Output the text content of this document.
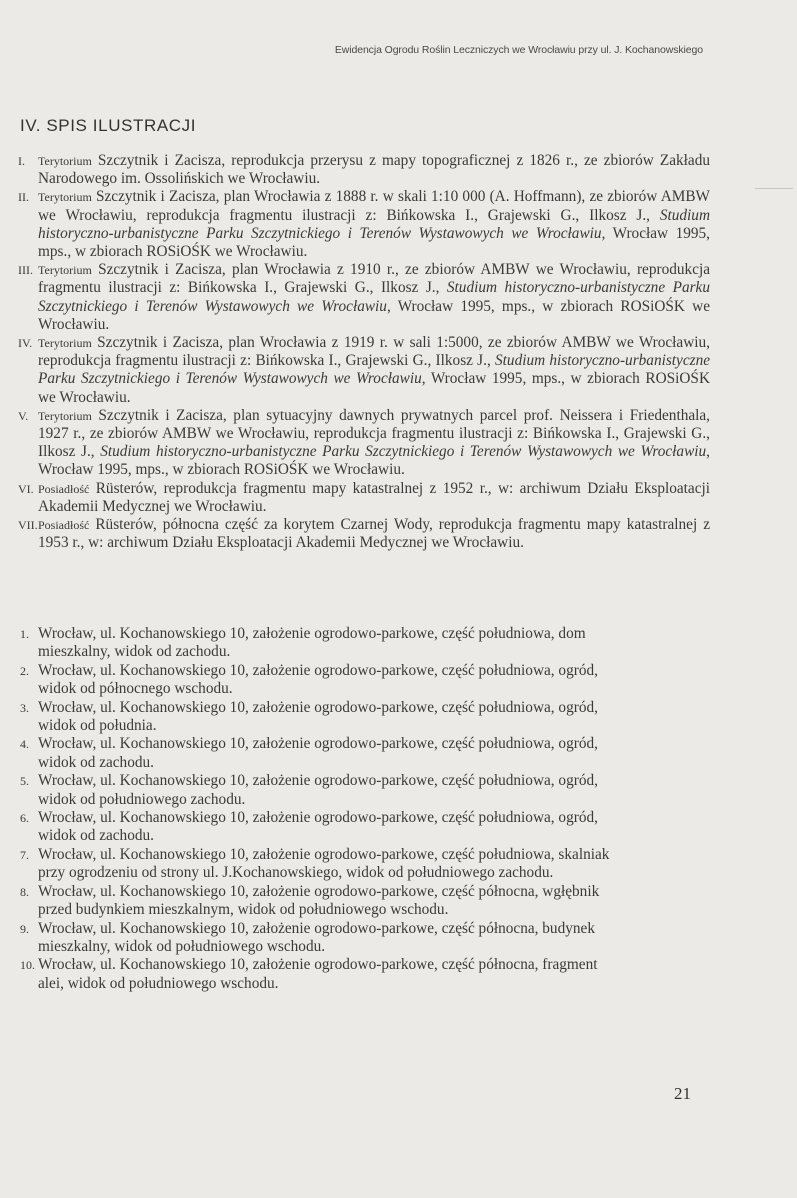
Ewidencja Ogrodu Roślin Leczniczych we Wrocławiu przy ul. J. Kochanowskiego
IV. SPIS ILUSTRACJI
I. Terytorium Szczytnik i Zacisza, reprodukcja przerysu z mapy topograficznej z 1826 r., ze zbiorów Zakładu Narodowego im. Ossolińskich we Wrocławiu.
II. Terytorium Szczytnik i Zacisza, plan Wrocławia z 1888 r. w skali 1:10 000 (A. Hoffmann), ze zbiorów AMBW we Wrocławiu, reprodukcja fragmentu ilustracji z: Bińkowska I., Grajewski G., Ilkosz J., Studium historyczno-urbanistyczne Parku Szczytnickiego i Terenów Wystawowych we Wrocławiu, Wrocław 1995, mps., w zbiorach ROSiOŚK we Wrocławiu.
III. Terytorium Szczytnik i Zacisza, plan Wrocławia z 1910 r., ze zbiorów AMBW we Wrocławiu, reprodukcja fragmentu ilustracji z: Bińkowska I., Grajewski G., Ilkosz J., Studium historyczno-urbanistyczne Parku Szczytnickiego i Terenów Wystawowych we Wrocławiu, Wrocław 1995, mps., w zbiorach ROSiOŚK we Wrocławiu.
IV. Terytorium Szczytnik i Zacisza, plan Wrocławia z 1919 r. w sali 1:5000, ze zbiorów AMBW we Wrocławiu, reprodukcja fragmentu ilustracji z: Bińkowska I., Grajewski G., Ilkosz J., Studium historyczno-urbanistyczne Parku Szczytnickiego i Terenów Wystawowych we Wrocławiu, Wrocław 1995, mps., w zbiorach ROSiOŚK we Wrocławiu.
V. Terytorium Szczytnik i Zacisza, plan sytuacyjny dawnych prywatnych parcel prof. Neissera i Friedenthala, 1927 r., ze zbiorów AMBW we Wrocławiu, reprodukcja fragmentu ilustracji z: Bińkowska I., Grajewski G., Ilkosz J., Studium historyczno-urbanistyczne Parku Szczytnickiego i Terenów Wystawowych we Wrocławiu, Wrocław 1995, mps., w zbiorach ROSiOŚK we Wrocławiu.
VI. Posiadłość Rüsterów, reprodukcja fragmentu mapy katastralnej z 1952 r., w: archiwum Działu Eksploatacji Akademii Medycznej we Wrocławiu.
VII. Posiadłość Rüsterów, północna część za korytem Czarnej Wody, reprodukcja fragmentu mapy katastralnej z 1953 r., w: archiwum Działu Eksploatacji Akademii Medycznej we Wrocławiu.
1. Wrocław, ul. Kochanowskiego 10, założenie ogrodowo-parkowe, część południowa, dom
mieszkalny, widok od zachodu.
2. Wrocław, ul. Kochanowskiego 10, założenie ogrodowo-parkowe, część południowa, ogród,
widok od północnego wschodu.
3. Wrocław, ul. Kochanowskiego 10, założenie ogrodowo-parkowe, część południowa, ogród,
widok od południa.
4. Wrocław, ul. Kochanowskiego 10, założenie ogrodowo-parkowe, część południowa, ogród,
widok od zachodu.
5. Wrocław, ul. Kochanowskiego 10, założenie ogrodowo-parkowe, część południowa, ogród,
widok od południowego zachodu.
6. Wrocław, ul. Kochanowskiego 10, założenie ogrodowo-parkowe, część południowa, ogród,
widok od zachodu.
7. Wrocław, ul. Kochanowskiego 10, założenie ogrodowo-parkowe, część południowa, skalniak
przy ogrodzeniu od strony ul. J.Kochanowskiego, widok od południowego zachodu.
8. Wrocław, ul. Kochanowskiego 10, założenie ogrodowo-parkowe, część północna, wgłębnik
przed budynkiem mieszkalnym, widok od południowego wschodu.
9. Wrocław, ul. Kochanowskiego 10, założenie ogrodowo-parkowe, część północna, budynek
mieszkalny, widok od południowego wschodu.
10. Wrocław, ul. Kochanowskiego 10, założenie ogrodowo-parkowe, część północna, fragment
alei, widok od południowego wschodu.
21
